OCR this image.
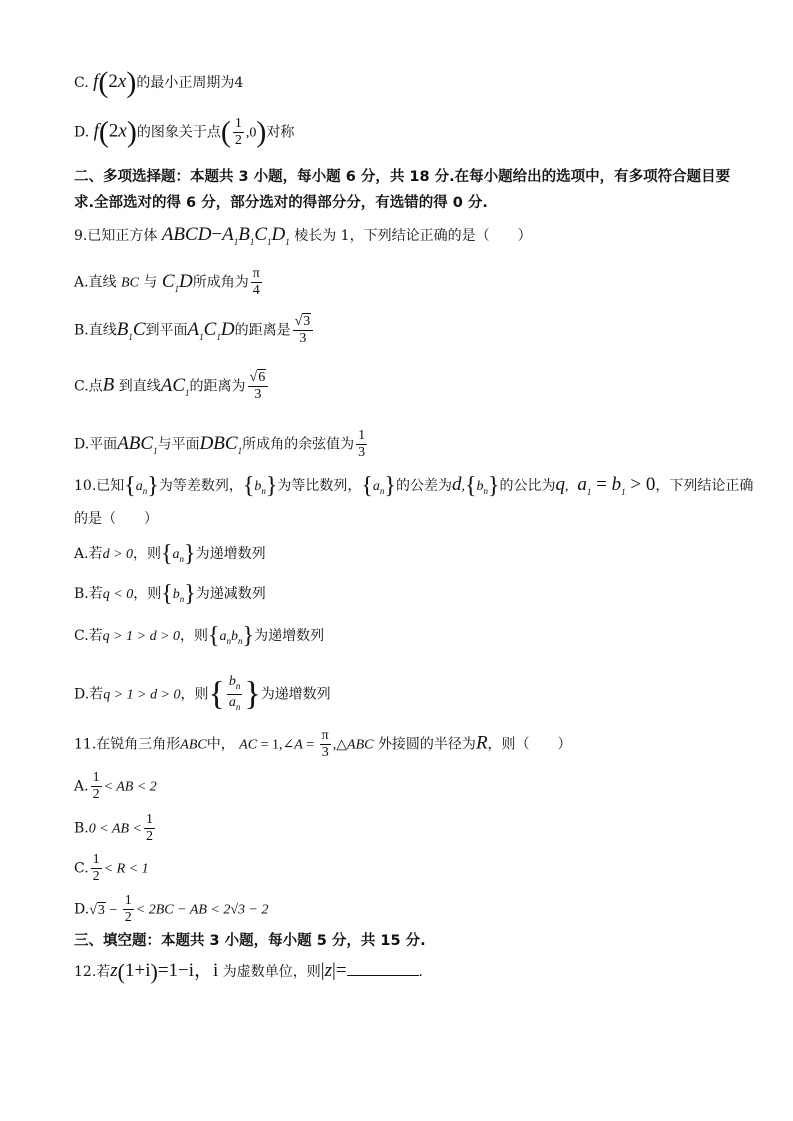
C. f(2x)的最小正周期为4
D. f(2x)的图象关于点( $\frac{1}{2} ,0$)对称
二、多项选择题：本题共 3 小题，每小题 6 分，共 18 分.在每小题给出的选项中，有多项符合题目要求.全部选对的得 6 分，部分选对的得部分分，有选错的得 0 分.
9.已知正方体 $ABCD-A_1B_1C_1D_1$ 棱长为 1，下列结论正确的是（　　）
A.直线 BC 与 $C_1D$所成角为 $\frac{\pi}{4}$
B.直线$B_1C$到平面$A_1C_1D$的距离是 $\frac{√3}{3}$
C.点B 到直线$AC_1$的距离为 $\frac{√6}{3}$
D.平面$ABC_1$与平面$DBC_1$所成角的余弦值为 $\frac{1}{3}$
10.已知$\{a_n\}$为等差数列，$\{b_n\}$为等比数列，$\{a_n\}$的公差为$d,\{b_n\}$的公比为q, $a_1 = b_1 > 0$，下列结论正确
的是（　　）
A.若d > 0，则$\{a_n\}$为递增数列
B.若q < 0，则$\{b_n\}$为递减数列
C.若q > 1 > d > 0，则$\{a_nb_n\}$为递增数列
D.若q > 1 > d > 0，则{ $\frac{b_n}{a_n}$ }为递增数列
11.在锐角三角形ABC中， AC = 1,∠A = $\frac{\pi}{3}$ ,△ABC 外接圆的半径为R，则（　　）
A. $\frac{1}{2}$ < AB < 2
B.0 < AB < $\frac{1}{2}$
C. $\frac{1}{2} < R < 1$
$D.√3 - \frac{1}{2} < 2BC$ − AB < 2√3 − 2
三、填空题：本题共 3 小题，每小题 5 分，共 15 分.
12.若z(1+i)=1−i，i 为虚数单位，则|z|=	.
